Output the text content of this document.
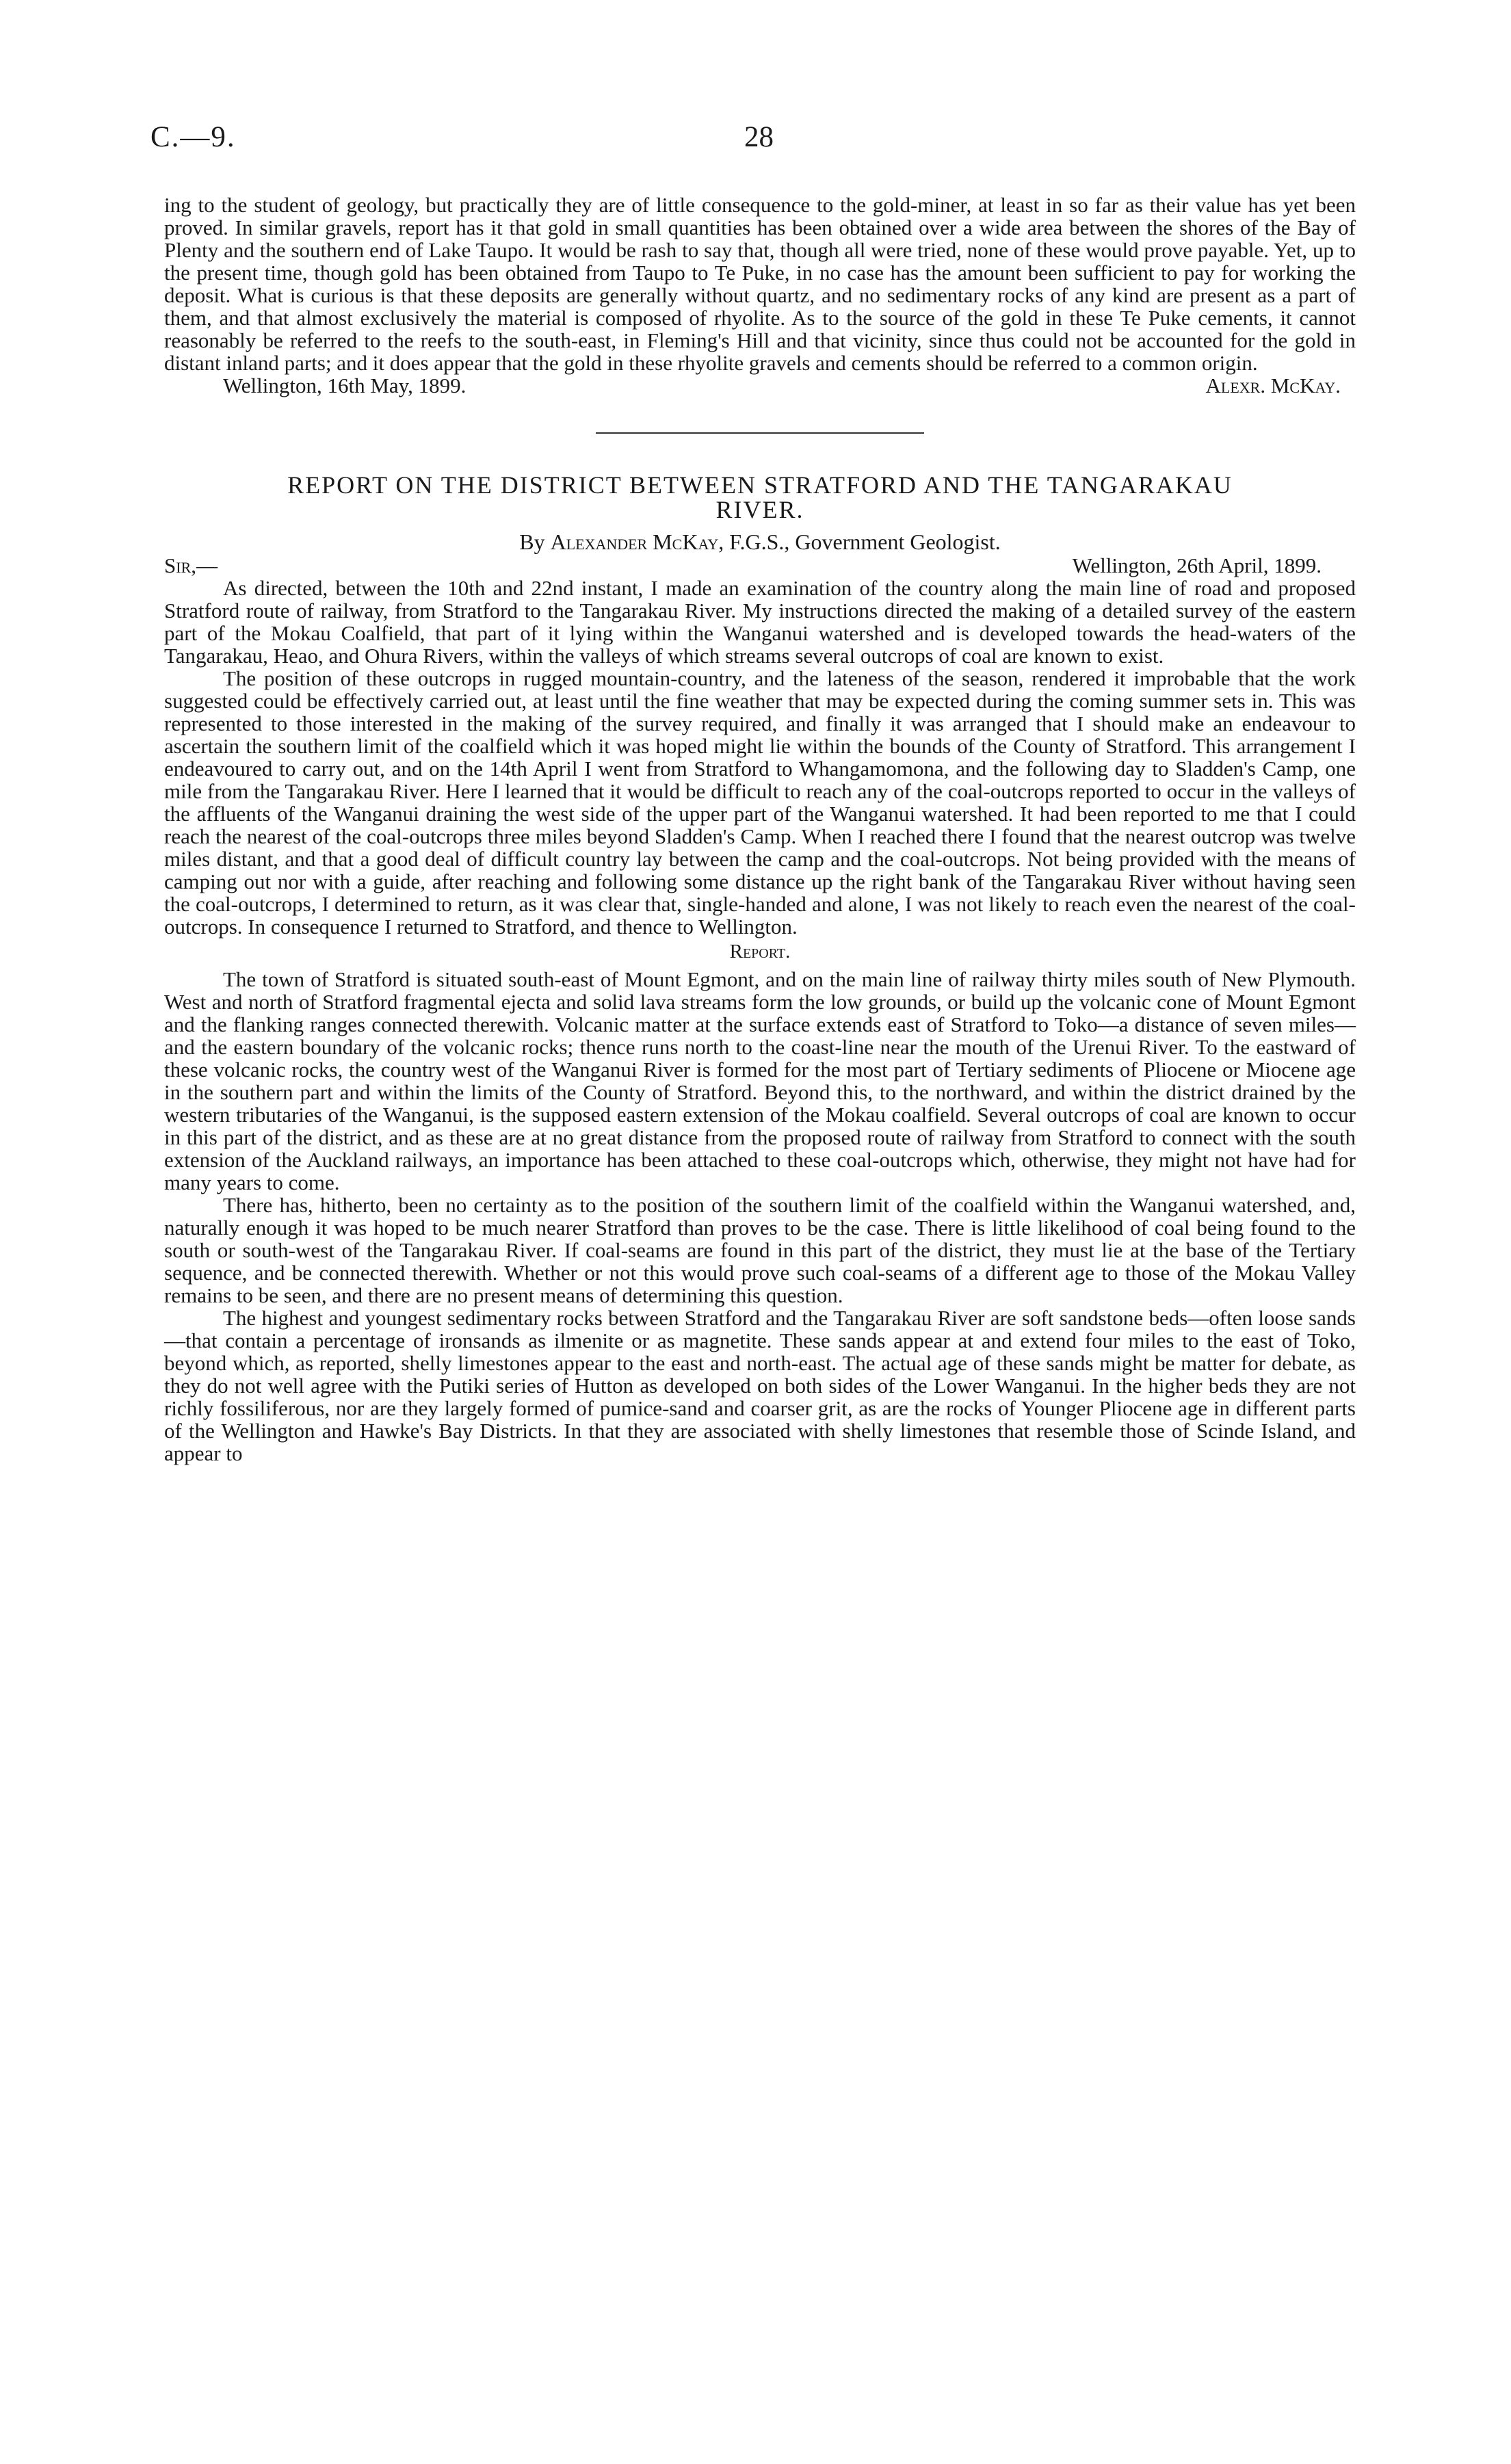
C.—9.	28

ing to the student of geology, but practically they are of little consequence to the gold-miner, at least in so far as their value has yet been proved. In similar gravels, report has it that gold in small quantities has been obtained over a wide area between the shores of the Bay of Plenty and the southern end of Lake Taupo. It would be rash to say that, though all were tried, none of these would prove payable. Yet, up to the present time, though gold has been obtained from Taupo to Te Puke, in no case has the amount been sufficient to pay for working the deposit. What is curious is that these deposits are generally without quartz, and no sedimentary rocks of any kind are present as a part of them, and that almost exclusively the material is composed of rhyolite. As to the source of the gold in these Te Puke cements, it cannot reasonably be referred to the reefs to the south-east, in Fleming's Hill and that vicinity, since thus could not be accounted for the gold in distant inland parts; and it does appear that the gold in these rhyolite gravels and cements should be referred to a common origin.

Wellington, 16th May, 1899.	Alexr. McKay.
REPORT ON THE DISTRICT BETWEEN STRATFORD AND THE TANGARAKAU
RIVER.
By Alexander McKay, F.G.S., Government Geologist.
Sir,—	Wellington, 26th April, 1899.

As directed, between the 10th and 22nd instant, I made an examination of the country along the main line of road and proposed Stratford route of railway, from Stratford to the Tangarakau River. My instructions directed the making of a detailed survey of the eastern part of the Mokau Coalfield, that part of it lying within the Wanganui watershed and is developed towards the head-waters of the Tangarakau, Heao, and Ohura Rivers, within the valleys of which streams several outcrops of coal are known to exist.

The position of these outcrops in rugged mountain-country, and the lateness of the season, rendered it improbable that the work suggested could be effectively carried out, at least until the fine weather that may be expected during the coming summer sets in. This was represented to those interested in the making of the survey required, and finally it was arranged that I should make an endeavour to ascertain the southern limit of the coalfield which it was hoped might lie within the bounds of the County of Stratford. This arrangement I endeavoured to carry out, and on the 14th April I went from Stratford to Whangamomona, and the following day to Sladden's Camp, one mile from the Tangarakau River. Here I learned that it would be difficult to reach any of the coal-outcrops reported to occur in the valleys of the affluents of the Wanganui draining the west side of the upper part of the Wanganui watershed. It had been reported to me that I could reach the nearest of the coal-outcrops three miles beyond Sladden's Camp. When I reached there I found that the nearest outcrop was twelve miles distant, and that a good deal of difficult country lay between the camp and the coal-outcrops. Not being provided with the means of camping out nor with a guide, after reaching and following some distance up the right bank of the Tangarakau River without having seen the coal-outcrops, I determined to return, as it was clear that, single-handed and alone, I was not likely to reach even the nearest of the coal-outcrops. In consequence I returned to Stratford, and thence to Wellington.

Report.

The town of Stratford is situated south-east of Mount Egmont, and on the main line of railway thirty miles south of New Plymouth. West and north of Stratford fragmental ejecta and solid lava streams form the low grounds, or build up the volcanic cone of Mount Egmont and the flanking ranges connected therewith. Volcanic matter at the surface extends east of Stratford to Toko—a distance of seven miles—and the eastern boundary of the volcanic rocks; thence runs north to the coast-line near the mouth of the Urenui River. To the eastward of these volcanic rocks, the country west of the Wanganui River is formed for the most part of Tertiary sediments of Pliocene or Miocene age in the southern part and within the limits of the County of Stratford. Beyond this, to the northward, and within the district drained by the western tributaries of the Wanganui, is the supposed eastern extension of the Mokau coalfield. Several outcrops of coal are known to occur in this part of the district, and as these are at no great distance from the proposed route of railway from Stratford to connect with the south extension of the Auckland railways, an importance has been attached to these coal-outcrops which, otherwise, they might not have had for many years to come.

There has, hitherto, been no certainty as to the position of the southern limit of the coalfield within the Wanganui watershed, and, naturally enough it was hoped to be much nearer Stratford than proves to be the case. There is little likelihood of coal being found to the south or south-west of the Tangarakau River. If coal-seams are found in this part of the district, they must lie at the base of the Tertiary sequence, and be connected therewith. Whether or not this would prove such coal-seams of a different age to those of the Mokau Valley remains to be seen, and there are no present means of determining this question.

The highest and youngest sedimentary rocks between Stratford and the Tangarakau River are soft sandstone beds—often loose sands—that contain a percentage of ironsands as ilmenite or as magnetite. These sands appear at and extend four miles to the east of Toko, beyond which, as reported, shelly limestones appear to the east and north-east. The actual age of these sands might be matter for debate, as they do not well agree with the Putiki series of Hutton as developed on both sides of the Lower Wanganui. In the higher beds they are not richly fossiliferous, nor are they largely formed of pumice-sand and coarser grit, as are the rocks of Younger Pliocene age in different parts of the Wellington and Hawke's Bay Districts. In that they are associated with shelly limestones that resemble those of Scinde Island, and appear to
